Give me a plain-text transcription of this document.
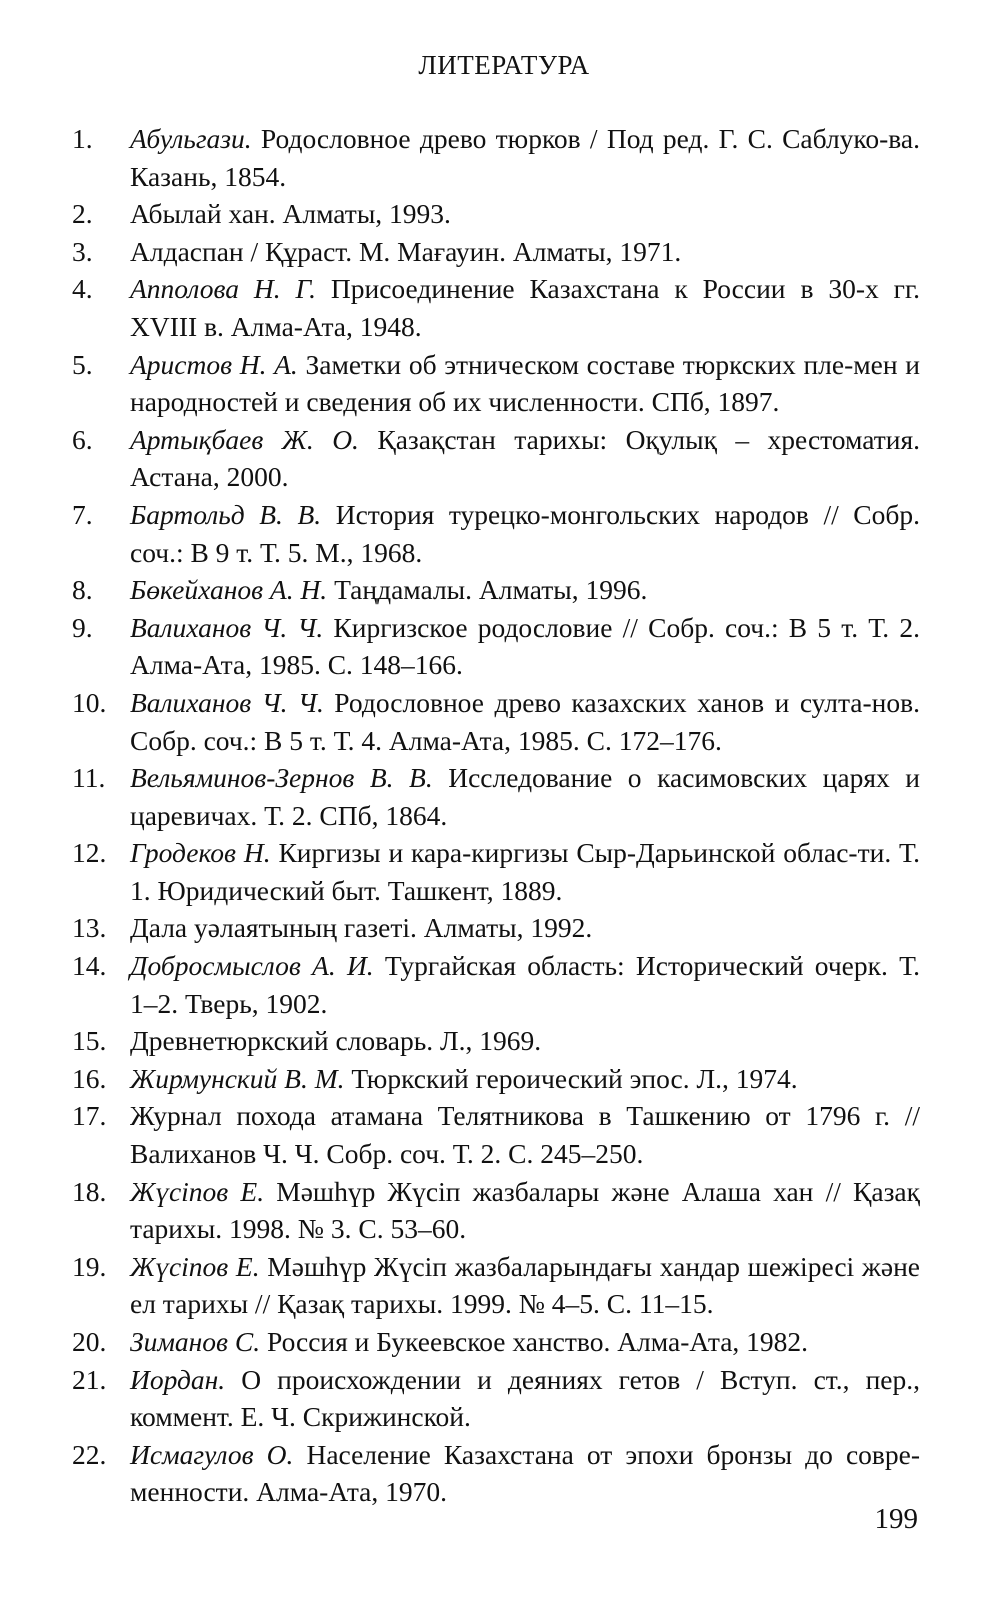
ЛИТЕРАТУРА
1.	Абульгази. Родословное древо тюрков / Под ред. Г. С. Саблуко-ва. Казань, 1854.
2.	Абылай хан. Алматы, 1993.
3.	Алдаспан / Құраст. М. Мағауин. Алматы, 1971.
4.	Апполова Н. Г. Присоединение Казахстана к России в 30-х гг. XVIII в. Алма-Ата, 1948.
5.	Аристов Н. А. Заметки об этническом составе тюркских пле-мен и народностей и сведения об их численности. СПб, 1897.
6.	Артықбаев Ж. О. Қазақстан тарихы: Оқулық – хрестоматия. Астана, 2000.
7.	Бартольд В. В. История турецко-монгольских народов // Собр. соч.: В 9 т. Т. 5. М., 1968.
8.	Бөкейханов А. Н. Таңдамалы. Алматы, 1996.
9.	Валиханов Ч. Ч. Киргизское родословие // Собр. соч.: В 5 т. Т. 2. Алма-Ата, 1985. С. 148–166.
10. Валиханов Ч. Ч. Родословное древо казахских ханов и султа-нов. Собр. соч.: В 5 т. Т. 4. Алма-Ата, 1985. С. 172–176.
11. Вельяминов-Зернов В. В. Исследование о касимовских царях и царевичах. Т. 2. СПб, 1864.
12. Гродеков Н. Киргизы и кара-киргизы Сыр-Дарьинской облас-ти. Т. 1. Юридический быт. Ташкент, 1889.
13. Дала уәлаятының газеті. Алматы, 1992.
14. Добросмыслов А. И. Тургайская область: Исторический очерк. Т. 1–2. Тверь, 1902.
15. Древнетюркский словарь. Л., 1969.
16. Жирмунский В. М. Тюркский героический эпос. Л., 1974.
17. Журнал похода атамана Телятникова в Ташкению от 1796 г. // Валиханов Ч. Ч. Собр. соч. Т. 2. С. 245–250.
18. Жүсіпов Е. Мәшһүр Жүсіп жазбалары және Алаша хан // Қазақ тарихы. 1998. № 3. С. 53–60.
19. Жүсіпов Е. Мәшһүр Жүсіп жазбаларындағы хандар шежіресі және ел тарихы // Қазақ тарихы. 1999. № 4–5. С. 11–15.
20. Зиманов С. Россия и Букеевское ханство. Алма-Ата, 1982.
21. Иордан. О происхождении и деяниях гетов / Вступ. ст., пер., коммент. Е. Ч. Скрижинской.
22. Исмагулов О. Население Казахстана от эпохи бронзы до совре-менности. Алма-Ата, 1970.
199
